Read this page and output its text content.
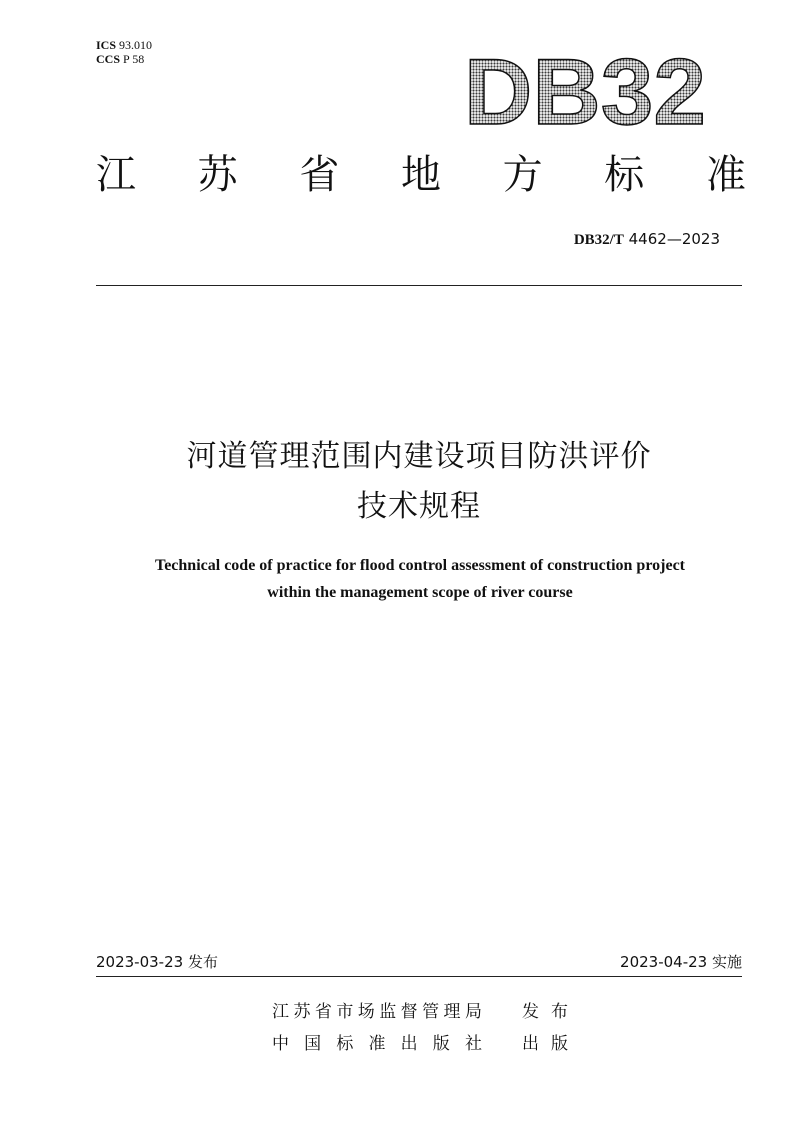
ICS 93.010
CCS P 58	DB32
江 苏 省 地 方 标 准
DB32/T 4462—2023
河道管理范围内建设项目防洪评价
技术规程
Technical code of practice for flood control assessment of construction project
within the management scope of river course
2023-03-23 发布	2023-04-23 实施
江 苏 省 市 场 监 督 管 理 局 发 布
中 国 标 准 出 版 社 出 版
